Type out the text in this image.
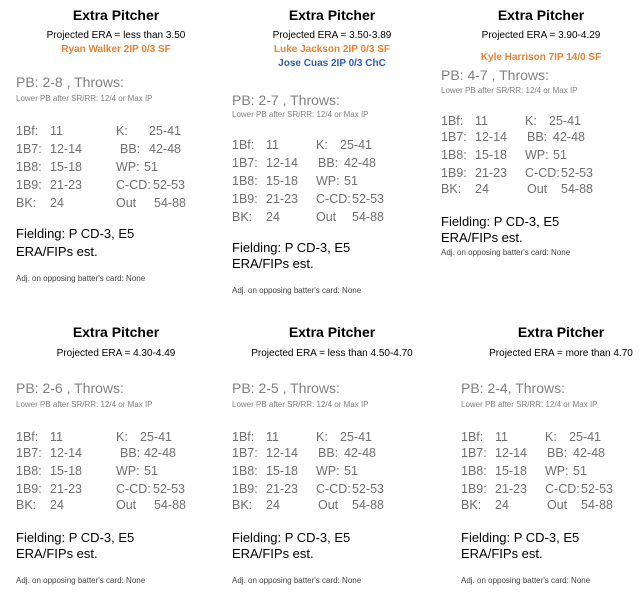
Extra Pitcher
Projected ERA = less than 3.50
Ryan Walker 2IP 0/3 SF
PB: 2-8 , Throws:
Lower PB after SR/RR: 12/4 or Max IP
1Bf: 11	K: 25-41
1B7: 12-14	BB: 42-48
1B8: 15-18	WP: 51
1B9: 21-23	C-CD: 52-53
BK: 24	Out 54-88
Fielding: P CD-3, E5
ERA/FIPs est.
Adj. on opposing batter's card: None
Extra Pitcher
Projected ERA = 3.50-3.89
Luke Jackson 2IP 0/3 SF
Jose Cuas 2IP 0/3 ChC
PB: 2-7 , Throws:
Lower PB after SR/RR: 12/4 or Max IP
1Bf: 11	K: 25-41
1B7: 12-14 BB: 42-48
1B8: 15-18 WP: 51
1B9: 21-23 C-CD: 52-53
BK: 24	Out 54-88
Fielding: P CD-3, E5
ERA/FIPs est.
Adj. on opposing batter's card: None
Extra Pitcher
Projected ERA = 3.90-4.29
Kyle Harrison 7IP 14/0 SF
PB: 4-7 , Throws:
Lower PB after SR/RR: 12/4 or Max IP
1Bf: 11	K: 25-41
1B7: 12-14 BB: 42-48
1B8: 15-18 WP: 51
1B9: 21-23 C-CD: 52-53
BK: 24	Out 54-88
Fielding: P CD-3, E5
ERA/FIPs est.
Adj. on opposing batter's card: None
Extra Pitcher
Projected ERA = 4.30-4.49
PB: 2-6 , Throws:
Lower PB after SR/RR: 12/4 or Max IP
1Bf: 11	K: 25-41
1B7: 12-14	BB: 42-48
1B8: 15-18	WP: 51
1B9: 21-23	C-CD: 52-53
BK: 24	Out 54-88
Fielding: P CD-3, E5
ERA/FIPs est.
Adj. on opposing batter's card: None
Extra Pitcher
Projected ERA = less than 4.50-4.70
PB: 2-5 , Throws:
Lower PB after SR/RR: 12/4 or Max IP
1Bf: 11	K: 25-41
1B7: 12-14 BB: 42-48
1B8: 15-18 WP: 51
1B9: 21-23 C-CD: 52-53
BK: 24	Out 54-88
Fielding: P CD-3, E5
ERA/FIPs est.
Adj. on opposing batter's card: None
Extra Pitcher
Projected ERA = more than 4.70
PB: 2-4, Throws:
Lower PB after SR/RR: 12/4 or Max IP
1Bf: 11	K: 25-41
1B7: 12-14 BB: 42-48
1B8: 15-18 WP: 51
1B9: 21-23 C-CD: 52-53
BK: 24	Out 54-88
Fielding: P CD-3, E5
ERA/FIPs est.
Adj. on opposing batter's card: None
